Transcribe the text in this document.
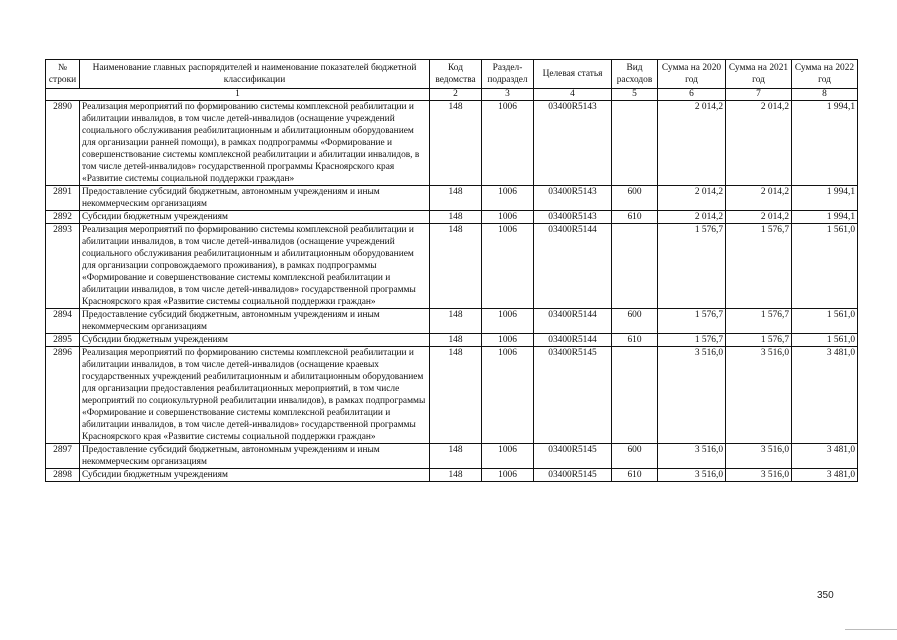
№ строки	Наименование главных распорядителей и наименование показателей бюджетной классификации	Код ведомства	Раздел-подраздел	Целевая статья	Вид расходов	Сумма на 2020 год	Сумма на 2021 год	Сумма на 2022 год
1		2	3	4	5	6	7	8
2890	Реализация мероприятий по формированию системы комплексной реабилитации и абилитации инвалидов, в том числе детей-инвалидов (оснащение учреждений социального обслуживания реабилитационным и абилитационным оборудованием для организации ранней помощи), в рамках подпрограммы «Формирование и совершенствование системы комплексной реабилитации и абилитации инвалидов, в том числе детей-инвалидов» государственной программы Красноярского края «Развитие системы социальной поддержки граждан»	148	1006	03400R5143		2 014,2	2 014,2	1 994,1
2891	Предоставление субсидий бюджетным, автономным учреждениям и иным некоммерческим организациям	148	1006	03400R5143	600	2 014,2	2 014,2	1 994,1
2892	Субсидии бюджетным учреждениям	148	1006	03400R5143	610	2 014,2	2 014,2	1 994,1
2893	Реализация мероприятий по формированию системы комплексной реабилитации и абилитации инвалидов, в том числе детей-инвалидов (оснащение учреждений социального обслуживания реабилитационным и абилитационным оборудованием для организации сопровождаемого проживания), в рамках подпрограммы «Формирование и совершенствование системы комплексной реабилитации и абилитации инвалидов, в том числе детей-инвалидов» государственной программы Красноярского края «Развитие системы социальной поддержки граждан»	148	1006	03400R5144		1 576,7	1 576,7	1 561,0
2894	Предоставление субсидий бюджетным, автономным учреждениям и иным некоммерческим организациям	148	1006	03400R5144	600	1 576,7	1 576,7	1 561,0
2895	Субсидии бюджетным учреждениям	148	1006	03400R5144	610	1 576,7	1 576,7	1 561,0
2896	Реализация мероприятий по формированию системы комплексной реабилитации и абилитации инвалидов, в том числе детей-инвалидов (оснащение краевых государственных учреждений реабилитационным и абилитационным оборудованием для организации предоставления реабилитационных мероприятий, в том числе мероприятий по социокультурной реабилитации инвалидов), в рамках подпрограммы «Формирование и совершенствование системы комплексной реабилитации и абилитации инвалидов, в том числе детей-инвалидов» государственной программы Красноярского края «Развитие системы социальной поддержки граждан»	148	1006	03400R5145		3 516,0	3 516,0	3 481,0
2897	Предоставление субсидий бюджетным, автономным учреждениям и иным некоммерческим организациям	148	1006	03400R5145	600	3 516,0	3 516,0	3 481,0
2898	Субсидии бюджетным учреждениям	148	1006	03400R5145	610	3 516,0	3 516,0	3 481,0
350
